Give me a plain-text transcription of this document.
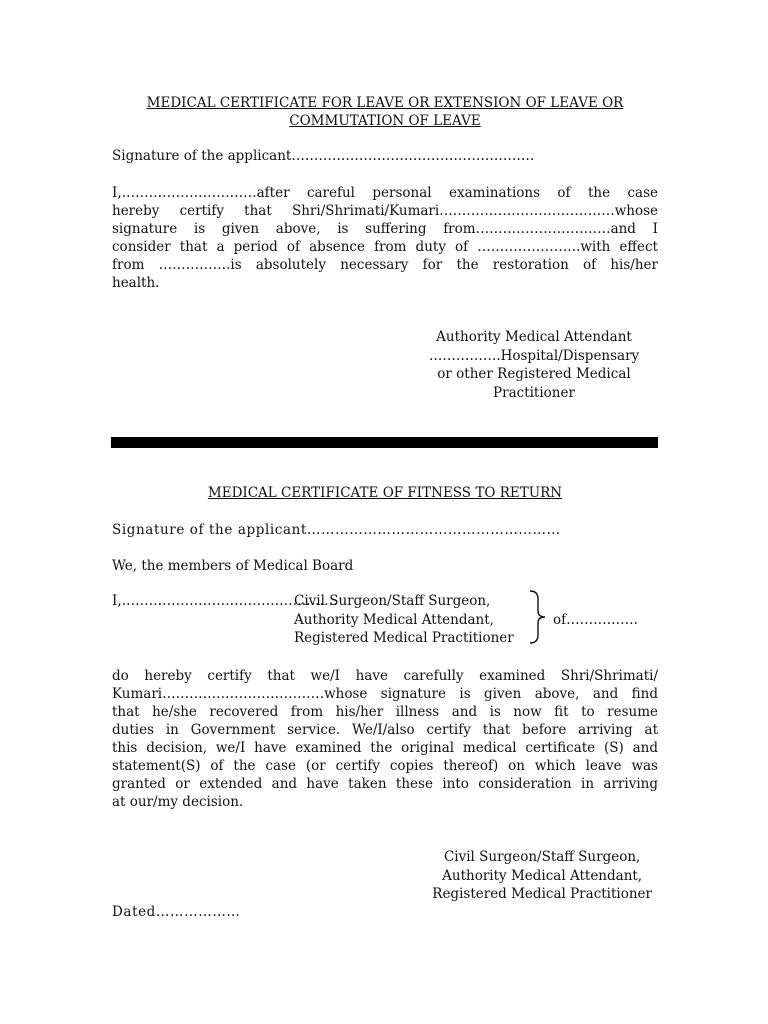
MEDICAL CERTIFICATE FOR LEAVE OR EXTENSION OF LEAVE OR
COMMUTATION OF LEAVE
Signature of the applicant………………………………………………

I,…………………………after careful personal examinations of the case
hereby certify that Shri/Shrimati/Kumari…………………………………whose
signature is given above, is suffering from…………………………and I
consider that a period of absence from duty of …………………..with effect
from …………….is absolutely necessary for the restoration of his/her
health.

Authority Medical Attendant
…………….Hospital/Dispensary
or other Registered Medical
Practitioner
MEDICAL CERTIFICATE OF FITNESS TO RETURN
Signature of the applicant………………………………………………
We, the members of Medical Board
I,…………………………………………
Civil Surgeon/Staff Surgeon,
Authority Medical Attendant,
Registered Medical Practitioner
of…………….

do hereby certify that we/I have carefully examined Shri/Shrimati/
Kumari………………………………whose signature is given above, and find
that he/she recovered from his/her illness and is now fit to resume
duties in Government service. We/I/also certify that before arriving at
this decision, we/I have examined the original medical certificate (S) and
statement(S) of the case (or certify copies thereof) on which leave was
granted or extended and have taken these into consideration in arriving
at our/my decision.

Civil Surgeon/Staff Surgeon,
Authority Medical Attendant,
Registered Medical Practitioner
Dated………………
